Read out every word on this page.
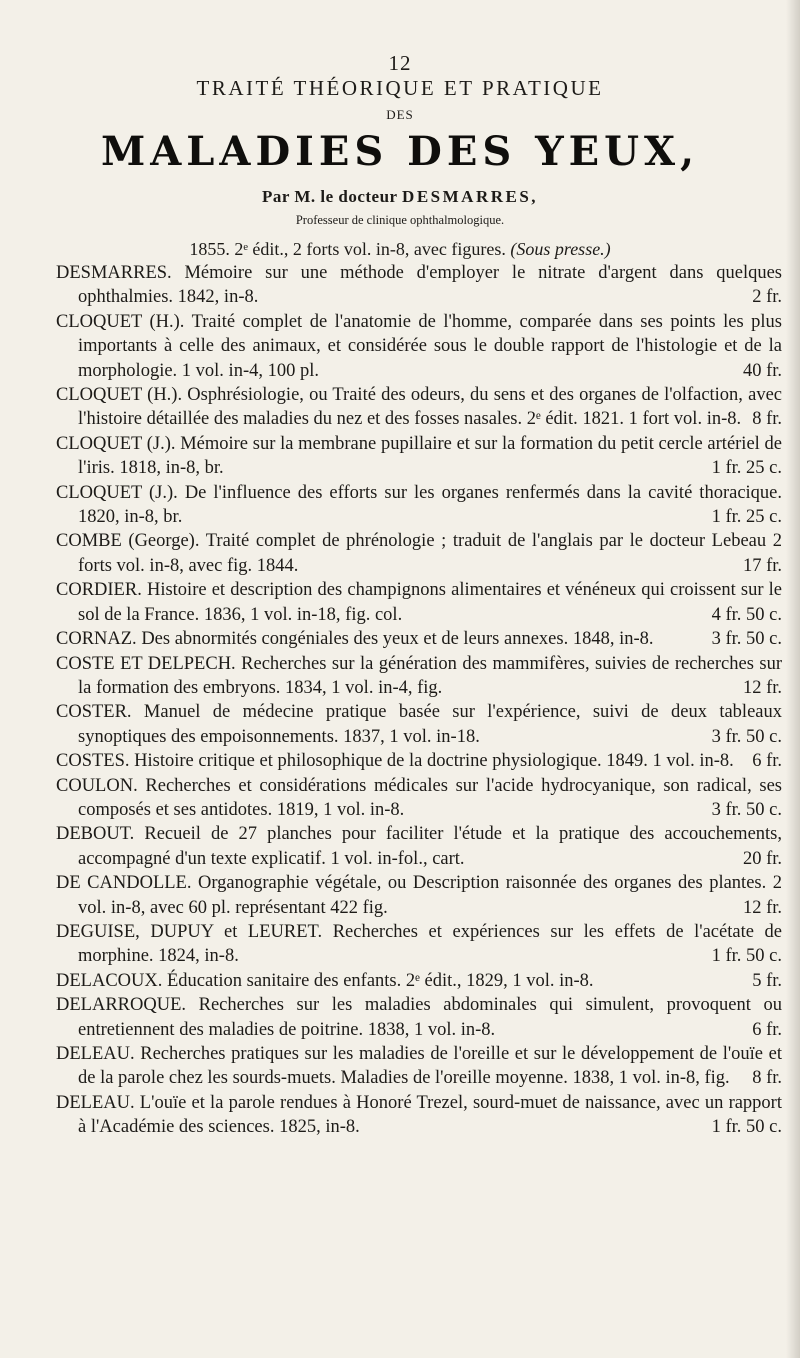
12
TRAITÉ THÉORIQUE ET PRATIQUE
DES
MALADIES DES YEUX,
Par M. le docteur DESMARRES,
Professeur de clinique ophthalmologique.
1855. 2ᵉ édit., 2 forts vol. in-8, avec figures. (Sous presse.)
DESMARRES. Mémoire sur une méthode d'employer le nitrate d'argent dans quelques ophthalmies. 1842, in-8.	2 fr.
CLOQUET (H.). Traité complet de l'anatomie de l'homme, comparée dans ses points les plus importants à celle des animaux, et considérée sous le double rapport de l'histologie et de la morphologie. 1 vol. in-4, 100 pl.	40 fr.
CLOQUET (H.). Osphrésiologie, ou Traité des odeurs, du sens et des organes de l'olfaction, avec l'histoire détaillée des maladies du nez et des fosses nasales. 2ᵉ édit. 1821. 1 fort vol. in-8. 8 fr.
CLOQUET (J.). Mémoire sur la membrane pupillaire et sur la formation du petit cercle artériel de l'iris. 1818, in-8, br.	1 fr. 25 c.
CLOQUET (J.). De l'influence des efforts sur les organes renfermés dans la cavité thoracique. 1820, in-8, br.	1 fr. 25 c.
COMBE (George). Traité complet de phrénologie ; traduit de l'anglais par le docteur Lebeau 2 forts vol. in-8, avec fig. 1844.	17 fr.
CORDIER. Histoire et description des champignons alimentaires et vénéneux qui croissent sur le sol de la France. 1836, 1 vol. in-18, fig. col.	4 fr. 50 c.
CORNAZ. Des abnormités congéniales des yeux et de leurs annexes. 1848, in-8.	3 fr. 50 c.
COSTE ET DELPECH. Recherches sur la génération des mammifères, suivies de recherches sur la formation des embryons. 1834, 1 vol. in-4, fig.	12 fr.
COSTER. Manuel de médecine pratique basée sur l'expérience, suivi de deux tableaux synoptiques des empoisonnements. 1837, 1 vol. in-18.	3 fr. 50 c.
COSTES. Histoire critique et philosophique de la doctrine physiologique. 1849. 1 vol. in-8. 6 fr.
COULON. Recherches et considérations médicales sur l'acide hydrocyanique, son radical, ses composés et ses antidotes. 1819, 1 vol. in-8.	3 fr. 50 c.
DEBOUT. Recueil de 27 planches pour faciliter l'étude et la pratique des accouchements, accompagné d'un texte explicatif. 1 vol. in-fol., cart.	20 fr.
DE CANDOLLE. Organographie végétale, ou Description raisonnée des organes des plantes. 2 vol. in-8, avec 60 pl. représentant 422 fig.	12 fr.
DEGUISE, DUPUY et LEURET. Recherches et expériences sur les effets de l'acétate de morphine. 1824, in-8.	1 fr. 50 c.
DELACOUX. Éducation sanitaire des enfants. 2ᵉ édit., 1829, 1 vol. in-8.	5 fr.
DELARROQUE. Recherches sur les maladies abdominales qui simulent, provoquent ou entretiennent des maladies de poitrine. 1838, 1 vol. in-8.	6 fr.
DELEAU. Recherches pratiques sur les maladies de l'oreille et sur le développement de l'ouïe et de la parole chez les sourds-muets. Maladies de l'oreille moyenne. 1838, 1 vol. in-8, fig. 8 fr.
DELEAU. L'ouïe et la parole rendues à Honoré Trezel, sourd-muet de naissance, avec un rapport à l'Académie des sciences. 1825, in-8.	1 fr. 50 c.
